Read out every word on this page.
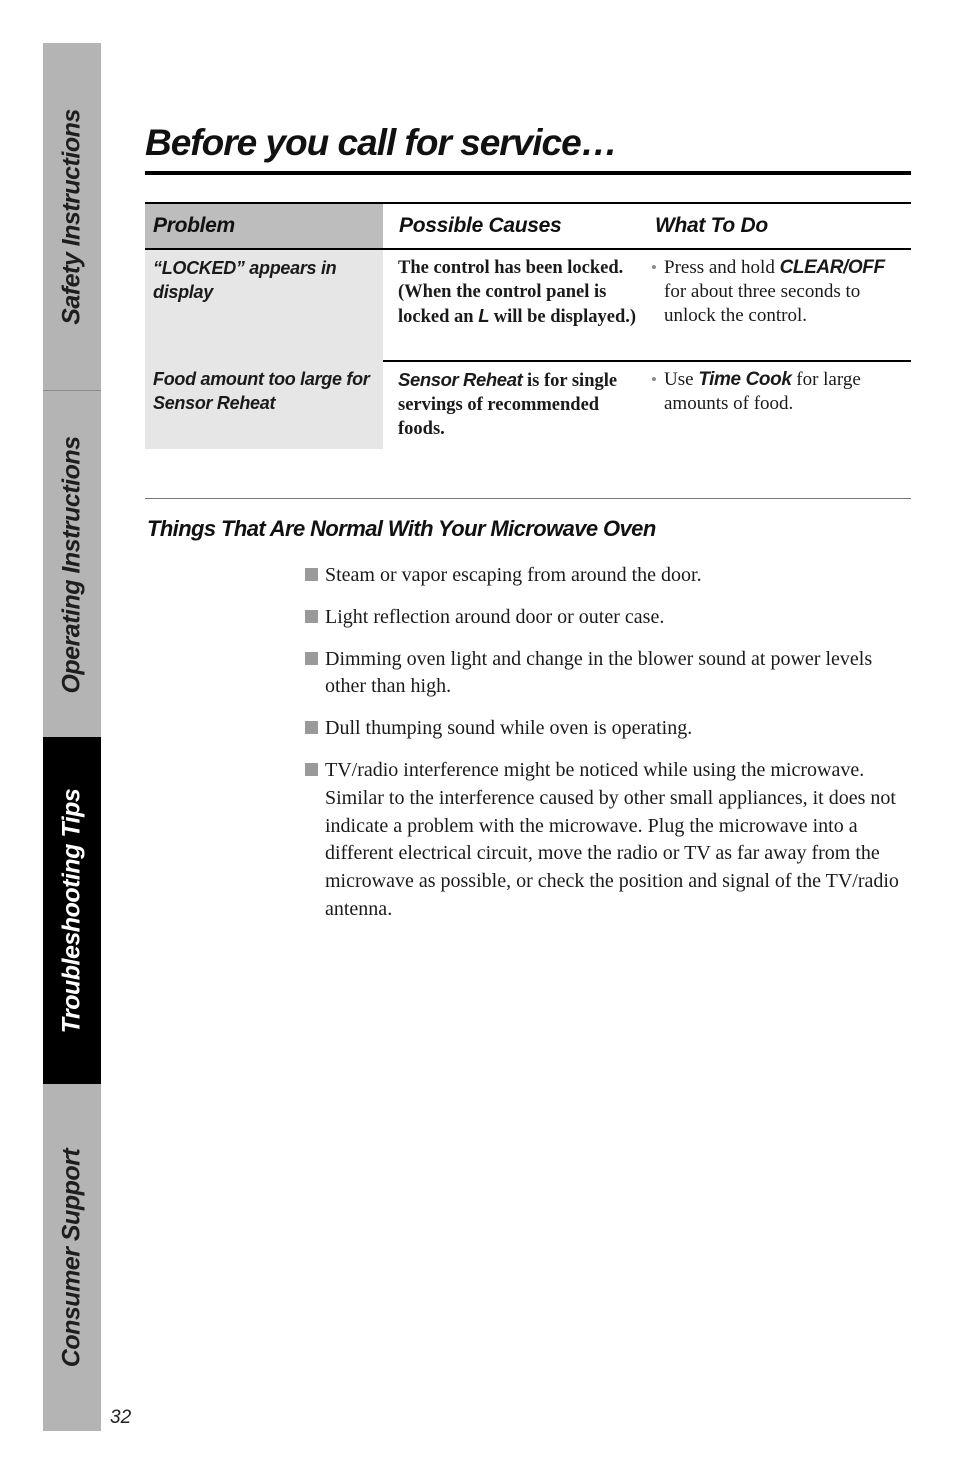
Safety Instructions
Operating Instructions
Troubleshooting Tips
Consumer Support
32
Before you call for service…
Problem	Possible Causes	What To Do
“LOCKED” appears in display	The control has been locked. (When the control panel is locked an L will be displayed.)	• Press and hold CLEAR/OFF for about three seconds to unlock the control.

Food amount too large for Sensor Reheat	Sensor Reheat is for single servings of recommended foods.	• Use Time Cook for large amounts of food.
Things That Are Normal With Your Microwave Oven
Steam or vapor escaping from around the door.
Light reflection around door or outer case.
Dimming oven light and change in the blower sound at power levels other than high.
Dull thumping sound while oven is operating.
TV/radio interference might be noticed while using the microwave. Similar to the interference caused by other small appliances, it does not indicate a problem with the microwave. Plug the microwave into a different electrical circuit, move the radio or TV as far away from the microwave as possible, or check the position and signal of the TV/radio antenna.
